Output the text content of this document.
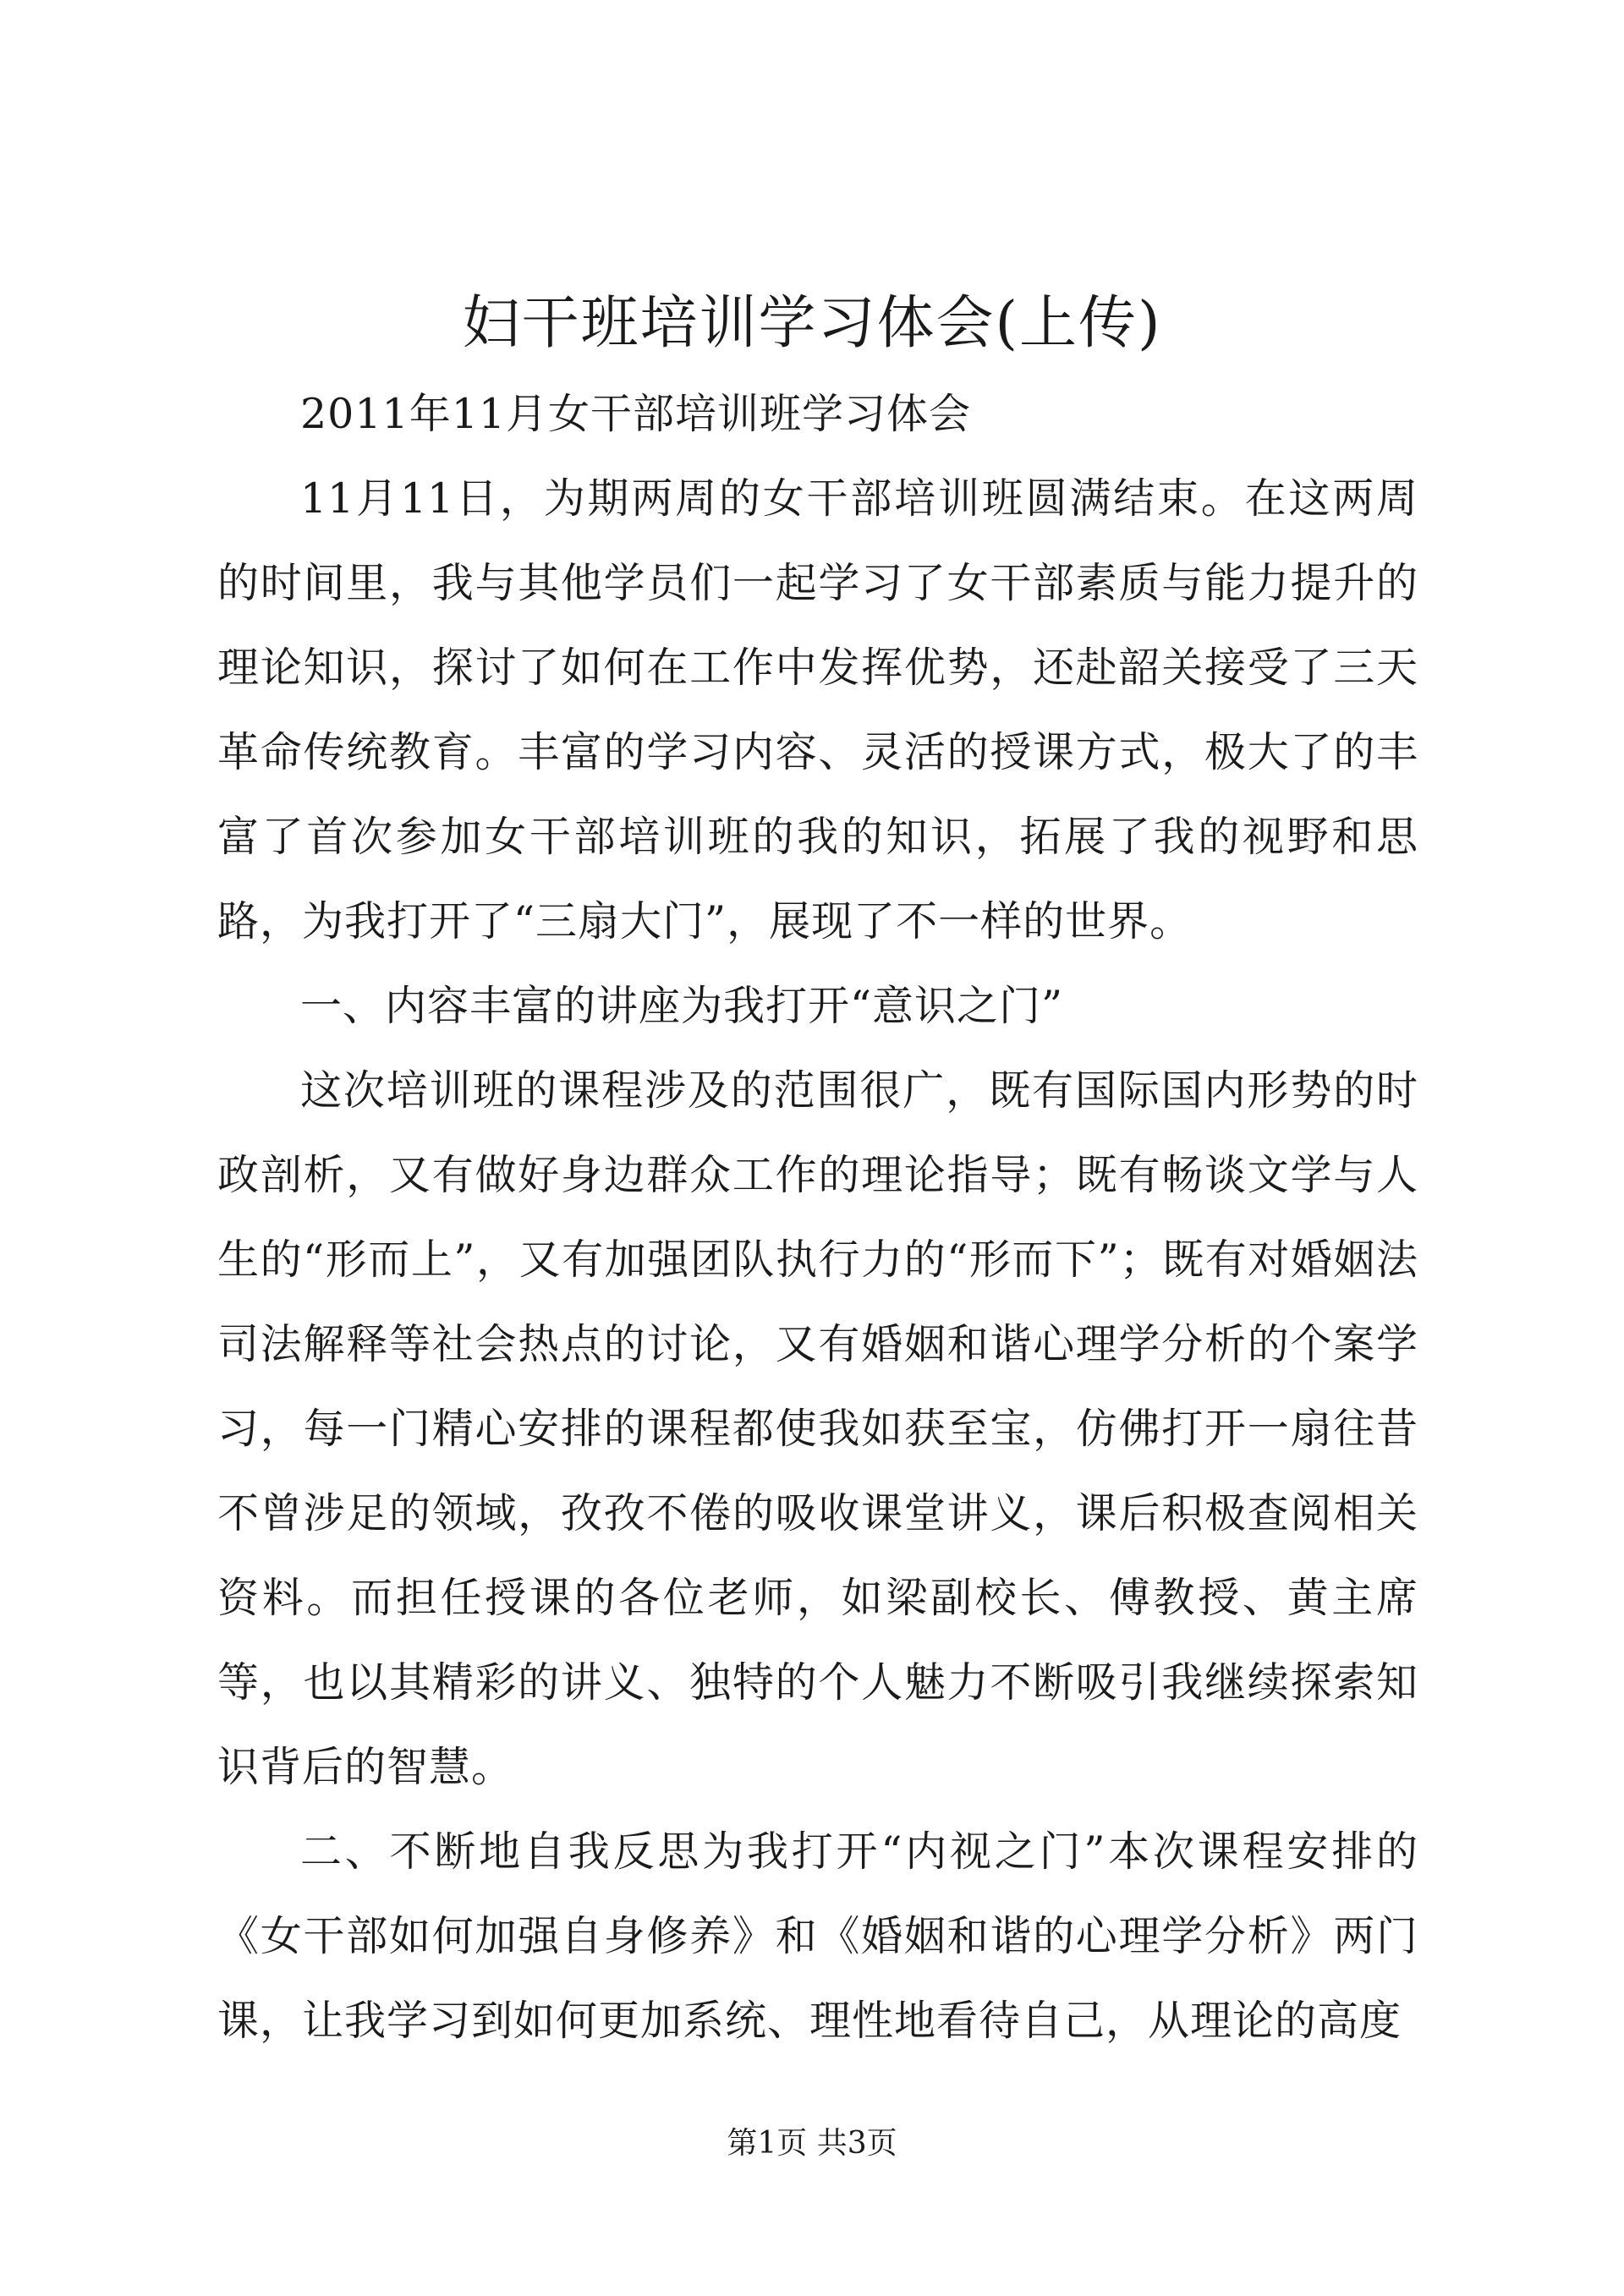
妇干班培训学习体会(上传)

2011年11月女干部培训班学习体会

11月11日，为期两周的女干部培训班圆满结束。在这两周的时间里，我与其他学员们一起学习了女干部素质与能力提升的理论知识，探讨了如何在工作中发挥优势，还赴韶关接受了三天革命传统教育。丰富的学习内容、灵活的授课方式，极大了的丰富了首次参加女干部培训班的我的知识，拓展了我的视野和思路，为我打开了“三扇大门”，展现了不一样的世界。

一、内容丰富的讲座为我打开“意识之门”

这次培训班的课程涉及的范围很广，既有国际国内形势的时政剖析，又有做好身边群众工作的理论指导；既有畅谈文学与人生的“形而上”，又有加强团队执行力的“形而下”；既有对婚姻法司法解释等社会热点的讨论，又有婚姻和谐心理学分析的个案学习，每一门精心安排的课程都使我如获至宝，仿佛打开一扇往昔不曾涉足的领域，孜孜不倦的吸收课堂讲义，课后积极查阅相关资料。而担任授课的各位老师，如梁副校长、傅教授、黄主席等，也以其精彩的讲义、独特的个人魅力不断吸引我继续探索知识背后的智慧。

二、不断地自我反思为我打开“内视之门”本次课程安排的《女干部如何加强自身修养》和《婚姻和谐的心理学分析》两门课，让我学习到如何更加系统、理性地看待自己，从理论的高度

第1页 共3页
